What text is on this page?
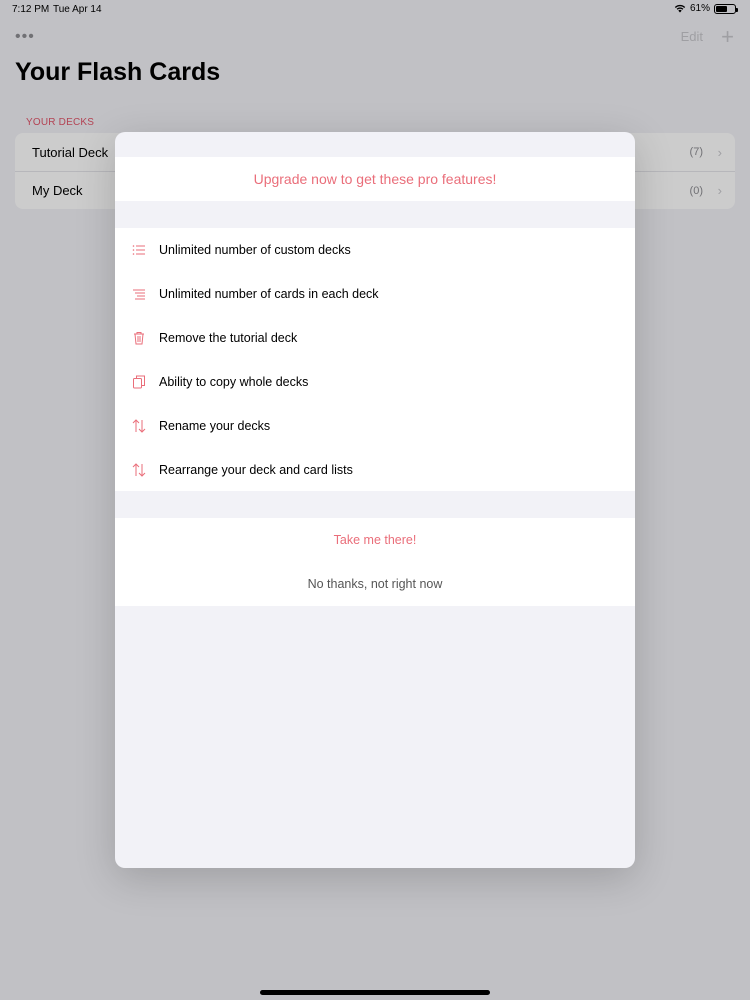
7:12 PM Tue Apr 14	61%
•••	Edit +
Your Flash Cards
YOUR DECKS
Tutorial Deck	(7) ›
My Deck	(0) ›
Upgrade now to get these pro features!
Unlimited number of custom decks
Unlimited number of cards in each deck
Remove the tutorial deck
Ability to copy whole decks
Rename your decks
Rearrange your deck and card lists
Take me there!
No thanks, not right now
